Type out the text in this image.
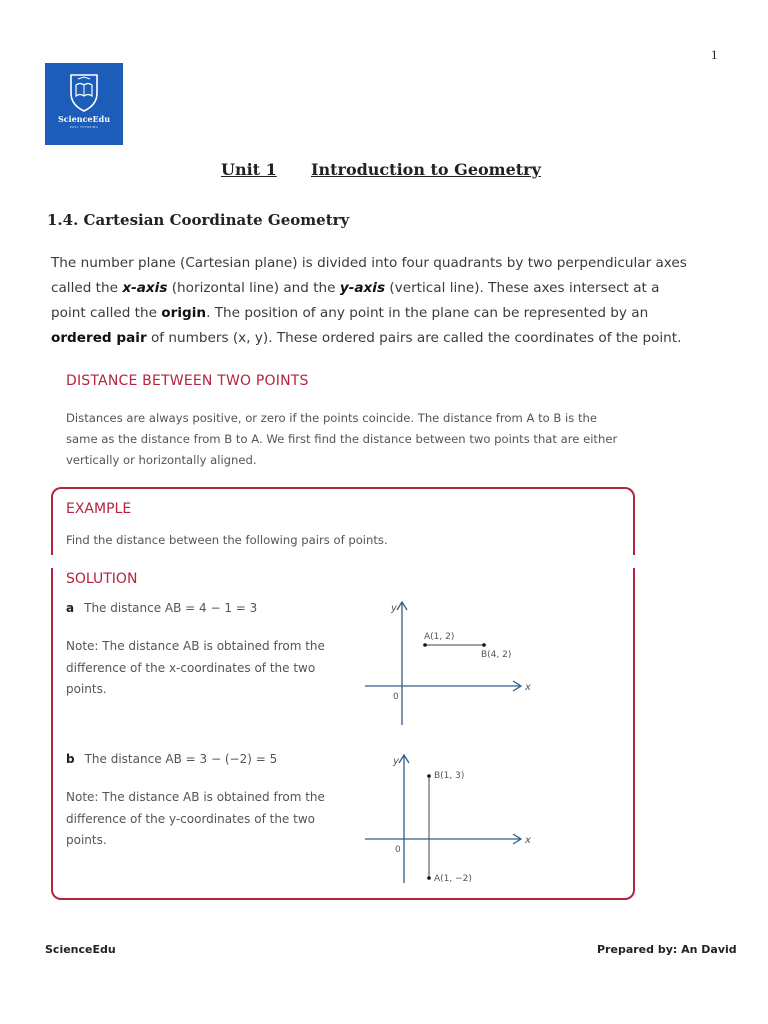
1
ScienceEdu
EASY TUTORING
Unit 1 Introduction to Geometry
1.4. Cartesian Coordinate Geometry
The number plane (Cartesian plane) is divided into four quadrants by two perpendicular axes called the x-axis (horizontal line) and the y-axis (vertical line). These axes intersect at a point called the origin. The position of any point in the plane can be represented by an ordered pair of numbers (x, y). These ordered pairs are called the coordinates of the point.
DISTANCE BETWEEN TWO POINTS
Distances are always positive, or zero if the points coincide. The distance from A to B is the same as the distance from B to A. We first find the distance between two points that are either vertically or horizontally aligned.
EXAMPLE
Find the distance between the following pairs of points.
SOLUTION
a The distance AB = 4 − 1 = 3
Note: The distance AB is obtained from the difference of the x-coordinates of the two points.
b The distance AB = 3 − (−2) = 5
Note: The distance AB is obtained from the difference of the y-coordinates of the two points.
y
x
0
A(1, 2)
B(4, 2)
y
x
0
B(1, 3)
A(1, −2)
ScienceEdu	Prepared by: An David
